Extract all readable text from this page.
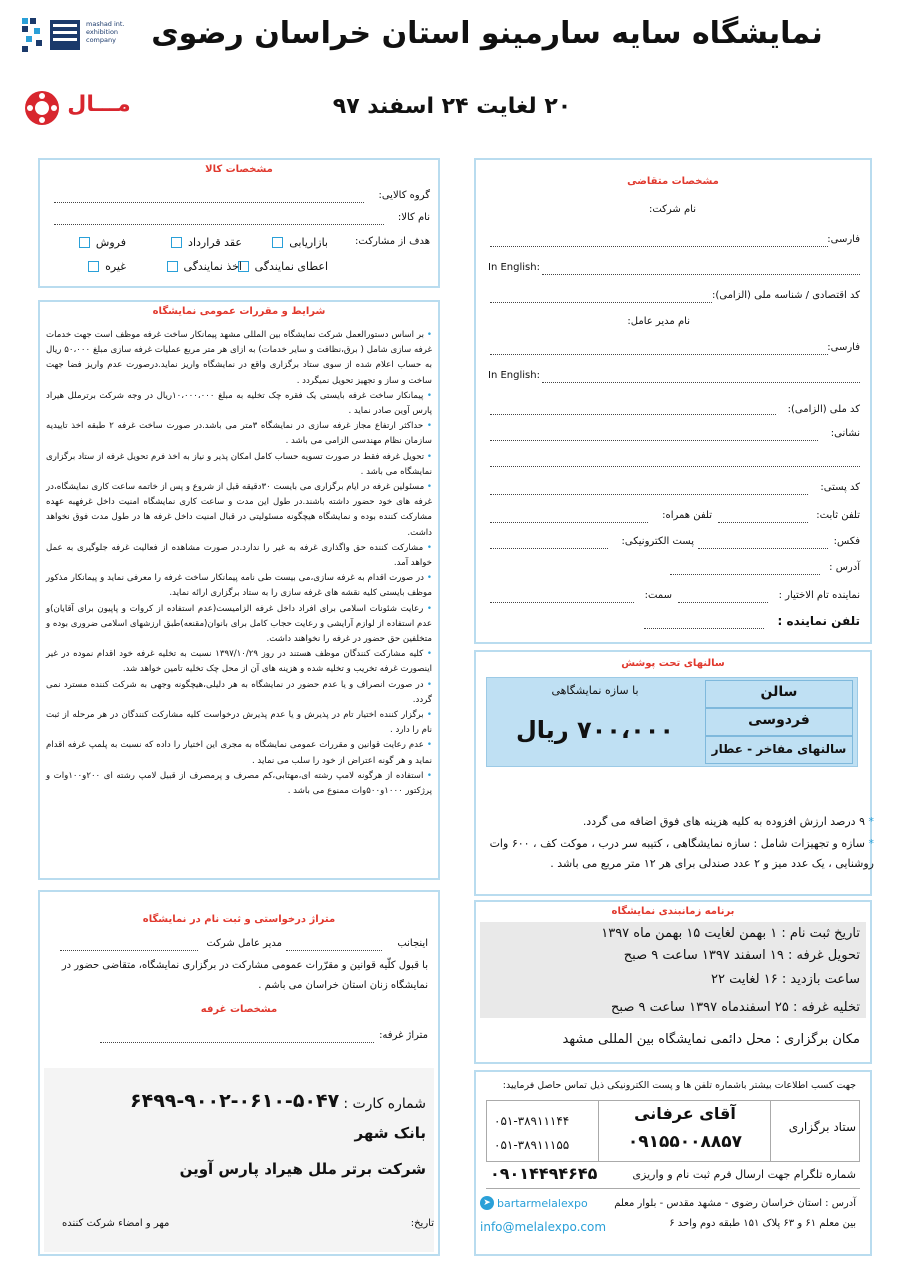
mashad int. exhibition company	نمایشگاه سایه سارمینو استان خراسان رضوی
مـــال	۲۰ لغایت ۲۴ اسفند ۹۷
مشخصات کالا
گروه کالایی:
نام کالا:
هدف از مشارکت:
بازاریابی
عقد قرارداد
فروش
اعطای نمایندگی
اخذ نمایندگی
غیره
شرایط و مقررات عمومی نمایشگاه

• بر اساس دستورالعمل شرکت نمایشگاه بین المللی مشهد پیمانکار ساخت غرفه موظف است جهت خدمات غرفه سازی شامل ( برق،نظافت و سایر خدمات) به ازای هر متر مربع عملیات غرفه سازی مبلغ ۵۰،۰۰۰ ریال به حساب اعلام شده از سوی ستاد برگزاری واقع در نمایشگاه واریز نماید.درصورت عدم واریز فضا جهت ساخت و ساز و تجهیز تحویل نمیگردد .

• پیمانکار ساخت غرفه بایستی یک فقره چک تخلیه به مبلغ ۱۰،۰۰۰،۰۰۰ریال در وجه شرکت برترملل هیراد پارس آوین صادر نماید .

• حداکثر ارتفاع مجاز غرفه سازی در نمایشگاه ۳متر می باشد.در صورت ساخت غرفه ۲ طبقه اخذ تاییدیه سازمان نظام مهندسی الزامی می باشد .

• تحویل غرفه فقط در صورت تسویه حساب کامل امکان پذیر و نیاز به اخذ فرم تحویل غرفه از ستاد برگزاری نمایشگاه می باشد .

• مسئولین غرفه در ایام برگزاری می بایست ۳۰دقیقه قبل از شروع و پس از خاتمه ساعت کاری نمایشگاه،در غرفه های خود حضور داشته باشند.در طول این مدت و ساعت کاری نمایشگاه امنیت داخل غرفهبه عهده مشارکت کننده بوده و نمایشگاه هیچگونه مسئولیتی در قبال امنیت داخل غرفه ها در طول مدت فوق نخواهد داشت.

• مشارکت کننده حق واگذاری غرفه به غیر را ندارد.در صورت مشاهده از فعالیت غرفه جلوگیری به عمل خواهد آمد.

• در صورت اقدام به غرفه سازی،می بیست طی نامه پیمانکار ساخت غرفه را معرفی نماید و پیمانکار مذکور موظف بایستی کلیه نقشه های غرفه سازی را به ستاد برگزاری ارائه نماید.

• رعایت شئونات اسلامی برای افراد داخل غرفه الزامیست(عدم استفاده از کروات و پاپیون برای آقایان)و عدم استفاده از لوازم آرایشی و رعایت حجاب کامل برای بانوان(مقنعه)طبق ارزشهای اسلامی ضروری بوده و متخلفین حق حضور در غرفه را نخواهند داشت.

• کلیه مشارکت کنندگان موظف هستند در روز ۱۳۹۷/۱۰/۲۹ نسبت به تخلیه غرفه خود اقدام نموده در غیر اینصورت غرفه تخریب و تخلیه شده و هزینه های آن از محل چک تخلیه تامین خواهد شد.

• در صورت انصراف و یا عدم حضور در نمایشگاه به هر دلیلی،هیچگونه وجهی به شرکت کننده مسترد نمی گردد.

• برگزار کننده اختیار تام در پذیرش و یا عدم پذیرش درخواست کلیه مشارکت کنندگان در هر مرحله از ثبت نام را دارد .

• عدم رعایت قوانین و مقررات عمومی نمایشگاه به مجری این اختیار را داده که نسبت به پلمپ غرفه اقدام نماید و هر گونه اعتراض از خود را سلب می نماید .

• استفاده از هرگونه لامپ رشته ای،مهتابی،کم مصرف و پرمصرف از قبیل لامپ رشته ای ۲۰۰و۱۰۰وات و پرژکتور ۱۰۰۰و۵۰۰وات ممنوع می باشد .

متراژ درخواستی و ثبت نام در نمایشگاه
اینجانب
مدیر عامل شرکت
با قبول کلّیه قوانین و مقرّرات عمومی مشارکت در برگزاری نمایشگاه، متقاضی حضور در نمایشگاه زنان استان خراسان می باشم .
مشخصات غرفه
متراژ غرفه:
شماره کارت :
۶۴۹۹-۹۰۰۲-۰۶۱۰-۵۰۴۷
بانک شهر
شرکت برتر ملل هیراد پارس آوین
تاریخ:
مهر و امضاء شرکت کننده
مشخصات متقاضی
نام شرکت:
فارسی:
In English:
کد اقتصادی / شناسه ملی (الزامی):
نام مدیر عامل:
فارسی:
In English:
کد ملی (الزامی):
نشانی:
کد پستی:
تلفن ثابت:
تلفن همراه:
فکس:
پست الکترونیکی:
آدرس :
نماینده تام الاختیار :
سمت:
تلفن نماینده :
سالنهای تحت پوشش
سالن
فردوسی
سالنهای مفاخر - عطار
با سازه نمایشگاهی
۷۰۰،۰۰۰ ریال
* ۹ درصد ارزش افزوده به کلیه هزینه های فوق اضافه می گردد.
* سازه و تجهیزات شامل : سازه نمایشگاهی ، کتیبه سر درب ، موکت کف ، ۶۰۰ وات روشنایی ، یک عدد میز و ۲ عدد صندلی برای هر ۱۲ متر مربع می باشد .
برنامه زمانبندی نمایشگاه
تاریخ ثبت نام : ۱ بهمن لغایت ۱۵ بهمن ماه ۱۳۹۷
تحویل غرفه : ۱۹ اسفند ۱۳۹۷ ساعت ۹ صبح
ساعت بازدید : ۱۶ لغایت ۲۲
تخلیه غرفه : ۲۵ اسفندماه ۱۳۹۷ ساعت ۹ صبح
مکان برگزاری : محل دائمی نمایشگاه بین المللی مشهد
جهت کسب اطلاعات بیشتر باشماره تلفن ها و پست الکترونیکی ذیل تماس حاصل فرمایید:
ستاد برگزاری
آقای عرفانی
۰۹۱۵۵۰۰۸۸۵۷
۰۵۱-۳۸۹۱۱۱۴۴
۰۵۱-۳۸۹۱۱۱۵۵
شماره تلگرام جهت ارسال فرم ثبت نام و واریزی
۰۹۰۱۴۴۹۴۶۴۵
آدرس : استان خراسان رضوی - مشهد مقدس - بلوار معلم
بین معلم ۶۱ و ۶۳ پلاک ۱۵۱ طبقه دوم واحد ۶
➤ bartarmelalexpo
info@melalexpo.com
